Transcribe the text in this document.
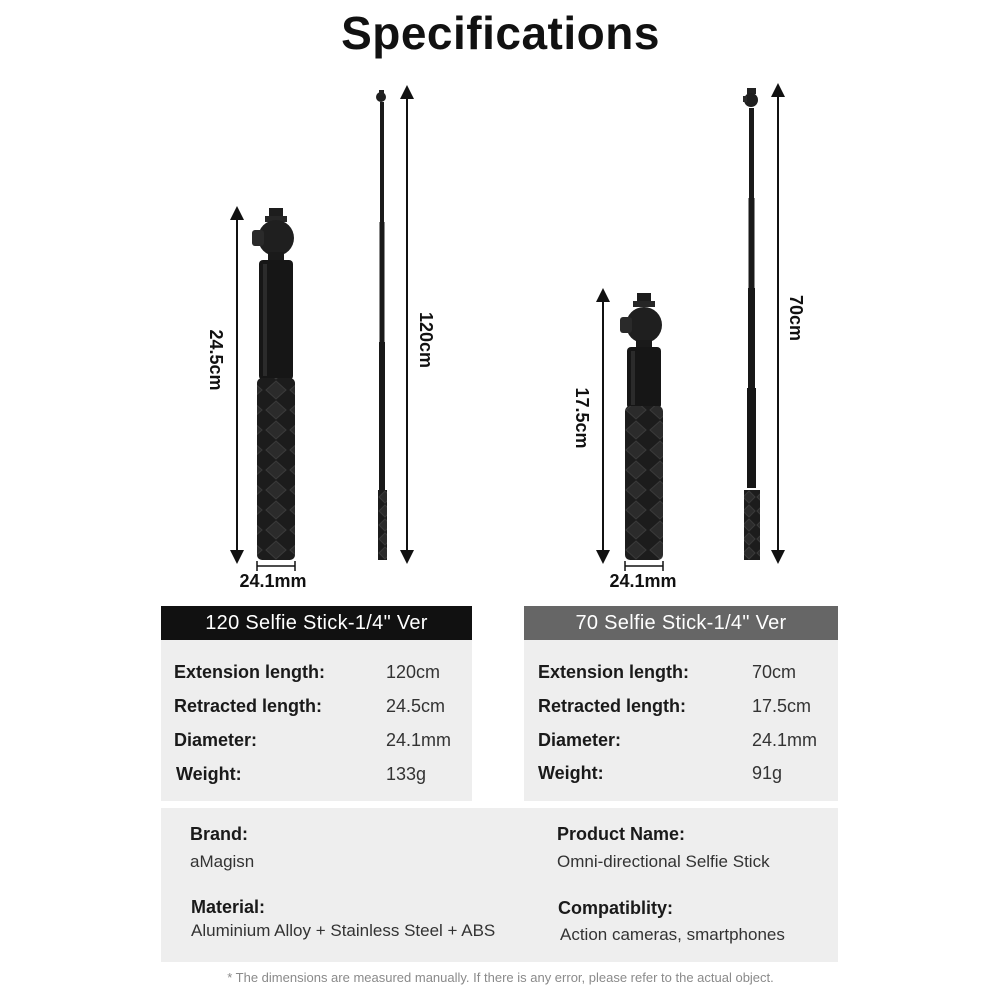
Specifications
24.5cm
24.1mm
120cm
17.5cm
24.1mm
70cm
120 Selfie Stick-1/4" Ver
Extension length:	120cm
Retracted length:	24.5cm
Diameter:	24.1mm
Weight:	133g
70 Selfie Stick-1/4" Ver
Extension length:	70cm
Retracted length:	17.5cm
Diameter:	24.1mm
Weight:	91g
Brand:
aMagisn
Product Name:
Omni-directional Selfie Stick
Material:
Aluminium Alloy + Stainless Steel + ABS
Compatiblity:
Action cameras, smartphones
* The dimensions are measured manually. If there is any error, please refer to the actual object.
